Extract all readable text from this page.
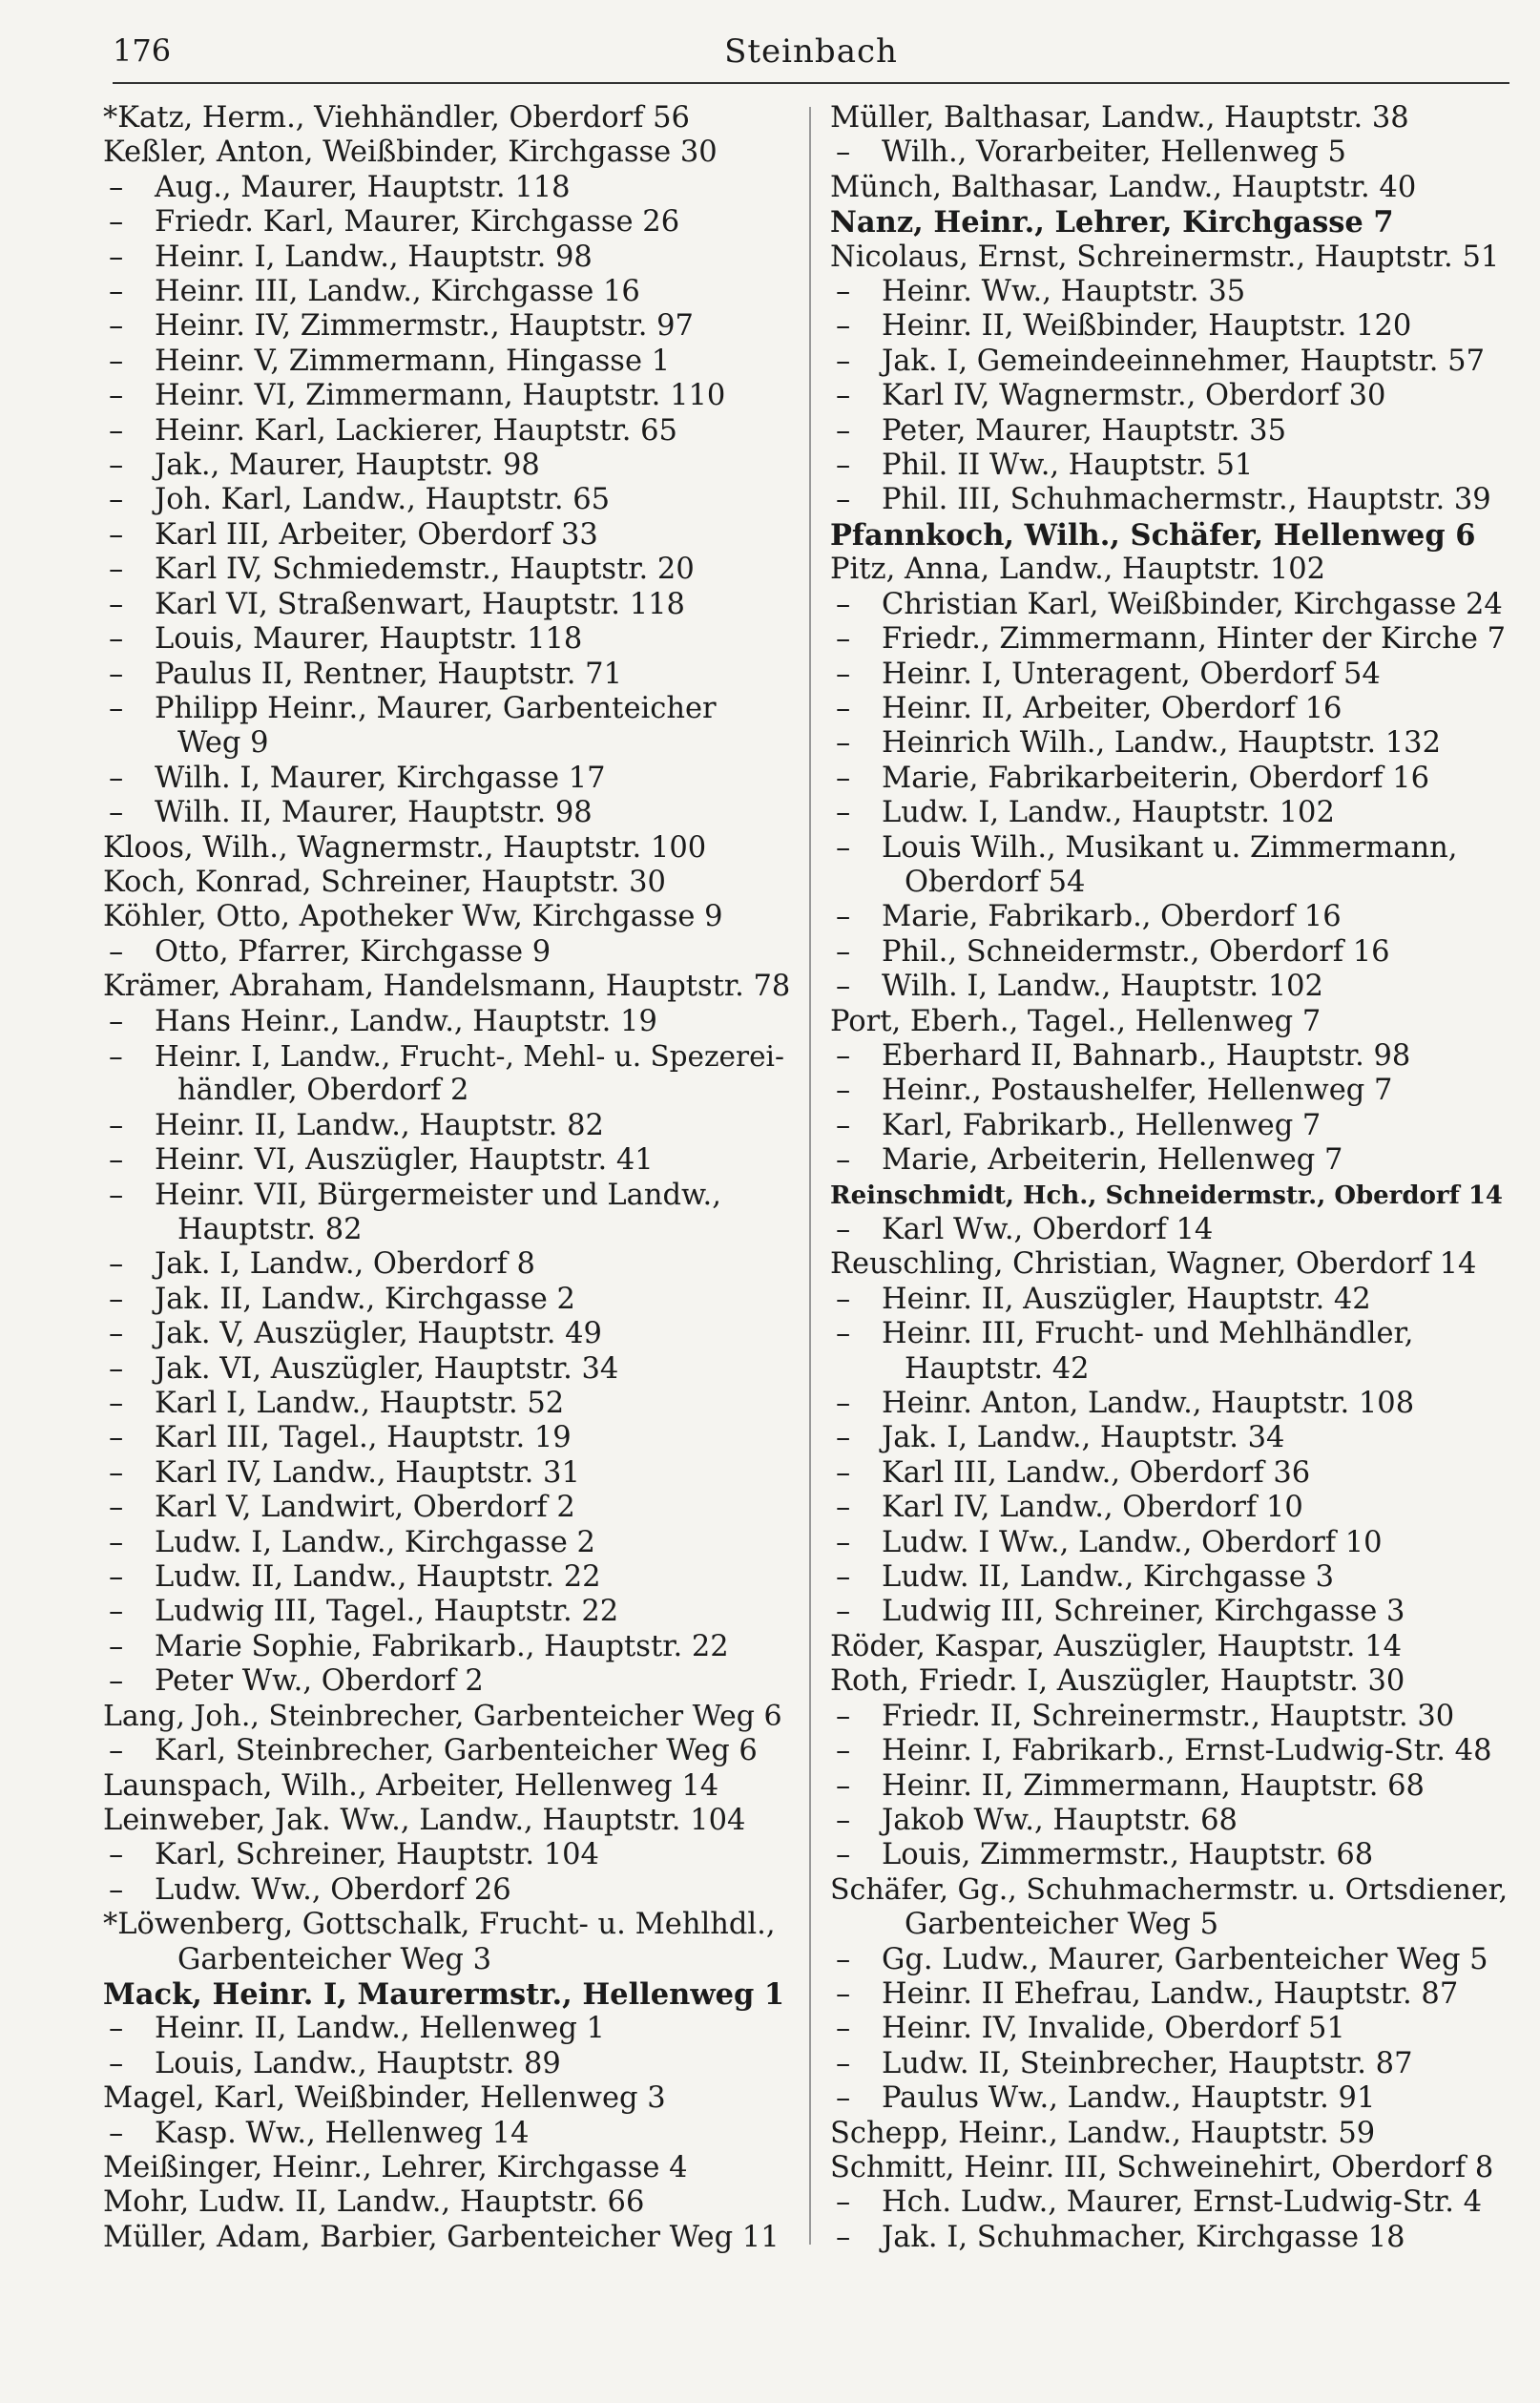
176	Steinbach
*Katz, Herm., Viehhändler, Oberdorf 56
Keßler, Anton, Weißbinder, Kirchgasse 30
– Aug., Maurer, Hauptstr. 118
– Friedr. Karl, Maurer, Kirchgasse 26
– Heinr. I, Landw., Hauptstr. 98
– Heinr. III, Landw., Kirchgasse 16
– Heinr. IV, Zimmermstr., Hauptstr. 97
– Heinr. V, Zimmermann, Hingasse 1
– Heinr. VI, Zimmermann, Hauptstr. 110
– Heinr. Karl, Lackierer, Hauptstr. 65
– Jak., Maurer, Hauptstr. 98
– Joh. Karl, Landw., Hauptstr. 65
– Karl III, Arbeiter, Oberdorf 33
– Karl IV, Schmiedemstr., Hauptstr. 20
– Karl VI, Straßenwart, Hauptstr. 118
– Louis, Maurer, Hauptstr. 118
– Paulus II, Rentner, Hauptstr. 71
– Philipp Heinr., Maurer, Garbenteicher
Weg 9
– Wilh. I, Maurer, Kirchgasse 17
– Wilh. II, Maurer, Hauptstr. 98
Kloos, Wilh., Wagnermstr., Hauptstr. 100
Koch, Konrad, Schreiner, Hauptstr. 30
Köhler, Otto, Apotheker Ww, Kirchgasse 9
– Otto, Pfarrer, Kirchgasse 9
Krämer, Abraham, Handelsmann, Hauptstr. 78
– Hans Heinr., Landw., Hauptstr. 19
– Heinr. I, Landw., Frucht-, Mehl- u. Spezerei-
händler, Oberdorf 2
– Heinr. II, Landw., Hauptstr. 82
– Heinr. VI, Auszügler, Hauptstr. 41
– Heinr. VII, Bürgermeister und Landw.,
Hauptstr. 82
– Jak. I, Landw., Oberdorf 8
– Jak. II, Landw., Kirchgasse 2
– Jak. V, Auszügler, Hauptstr. 49
– Jak. VI, Auszügler, Hauptstr. 34
– Karl I, Landw., Hauptstr. 52
– Karl III, Tagel., Hauptstr. 19
– Karl IV, Landw., Hauptstr. 31
– Karl V, Landwirt, Oberdorf 2
– Ludw. I, Landw., Kirchgasse 2
– Ludw. II, Landw., Hauptstr. 22
– Ludwig III, Tagel., Hauptstr. 22
– Marie Sophie, Fabrikarb., Hauptstr. 22
– Peter Ww., Oberdorf 2
Lang, Joh., Steinbrecher, Garbenteicher Weg 6
– Karl, Steinbrecher, Garbenteicher Weg 6
Launspach, Wilh., Arbeiter, Hellenweg 14
Leinweber, Jak. Ww., Landw., Hauptstr. 104
– Karl, Schreiner, Hauptstr. 104
– Ludw. Ww., Oberdorf 26
*Löwenberg, Gottschalk, Frucht- u. Mehlhdl.,
Garbenteicher Weg 3
Mack, Heinr. I, Maurermstr., Hellenweg 1
– Heinr. II, Landw., Hellenweg 1
– Louis, Landw., Hauptstr. 89
Magel, Karl, Weißbinder, Hellenweg 3
– Kasp. Ww., Hellenweg 14
Meißinger, Heinr., Lehrer, Kirchgasse 4
Mohr, Ludw. II, Landw., Hauptstr. 66
Müller, Adam, Barbier, Garbenteicher Weg 11
Müller, Balthasar, Landw., Hauptstr. 38
– Wilh., Vorarbeiter, Hellenweg 5
Münch, Balthasar, Landw., Hauptstr. 40
Nanz, Heinr., Lehrer, Kirchgasse 7
Nicolaus, Ernst, Schreinermstr., Hauptstr. 51
– Heinr. Ww., Hauptstr. 35
– Heinr. II, Weißbinder, Hauptstr. 120
– Jak. I, Gemeindeeinnehmer, Hauptstr. 57
– Karl IV, Wagnermstr., Oberdorf 30
– Peter, Maurer, Hauptstr. 35
– Phil. II Ww., Hauptstr. 51
– Phil. III, Schuhmachermstr., Hauptstr. 39
Pfannkoch, Wilh., Schäfer, Hellenweg 6
Pitz, Anna, Landw., Hauptstr. 102
– Christian Karl, Weißbinder, Kirchgasse 24
– Friedr., Zimmermann, Hinter der Kirche 7
– Heinr. I, Unteragent, Oberdorf 54
– Heinr. II, Arbeiter, Oberdorf 16
– Heinrich Wilh., Landw., Hauptstr. 132
– Marie, Fabrikarbeiterin, Oberdorf 16
– Ludw. I, Landw., Hauptstr. 102
– Louis Wilh., Musikant u. Zimmermann,
Oberdorf 54
– Marie, Fabrikarb., Oberdorf 16
– Phil., Schneidermstr., Oberdorf 16
– Wilh. I, Landw., Hauptstr. 102
Port, Eberh., Tagel., Hellenweg 7
– Eberhard II, Bahnarb., Hauptstr. 98
– Heinr., Postaushelfer, Hellenweg 7
– Karl, Fabrikarb., Hellenweg 7
– Marie, Arbeiterin, Hellenweg 7
Reinschmidt, Hch., Schneidermstr., Oberdorf 14
– Karl Ww., Oberdorf 14
Reuschling, Christian, Wagner, Oberdorf 14
– Heinr. II, Auszügler, Hauptstr. 42
– Heinr. III, Frucht- und Mehlhändler,
Hauptstr. 42
– Heinr. Anton, Landw., Hauptstr. 108
– Jak. I, Landw., Hauptstr. 34
– Karl III, Landw., Oberdorf 36
– Karl IV, Landw., Oberdorf 10
– Ludw. I Ww., Landw., Oberdorf 10
– Ludw. II, Landw., Kirchgasse 3
– Ludwig III, Schreiner, Kirchgasse 3
Röder, Kaspar, Auszügler, Hauptstr. 14
Roth, Friedr. I, Auszügler, Hauptstr. 30
– Friedr. II, Schreinermstr., Hauptstr. 30
– Heinr. I, Fabrikarb., Ernst-Ludwig-Str. 48
– Heinr. II, Zimmermann, Hauptstr. 68
– Jakob Ww., Hauptstr. 68
– Louis, Zimmermstr., Hauptstr. 68
Schäfer, Gg., Schuhmachermstr. u. Ortsdiener,
Garbenteicher Weg 5
– Gg. Ludw., Maurer, Garbenteicher Weg 5
– Heinr. II Ehefrau, Landw., Hauptstr. 87
– Heinr. IV, Invalide, Oberdorf 51
– Ludw. II, Steinbrecher, Hauptstr. 87
– Paulus Ww., Landw., Hauptstr. 91
Schepp, Heinr., Landw., Hauptstr. 59
Schmitt, Heinr. III, Schweinehirt, Oberdorf 8
– Hch. Ludw., Maurer, Ernst-Ludwig-Str. 4
– Jak. I, Schuhmacher, Kirchgasse 18
